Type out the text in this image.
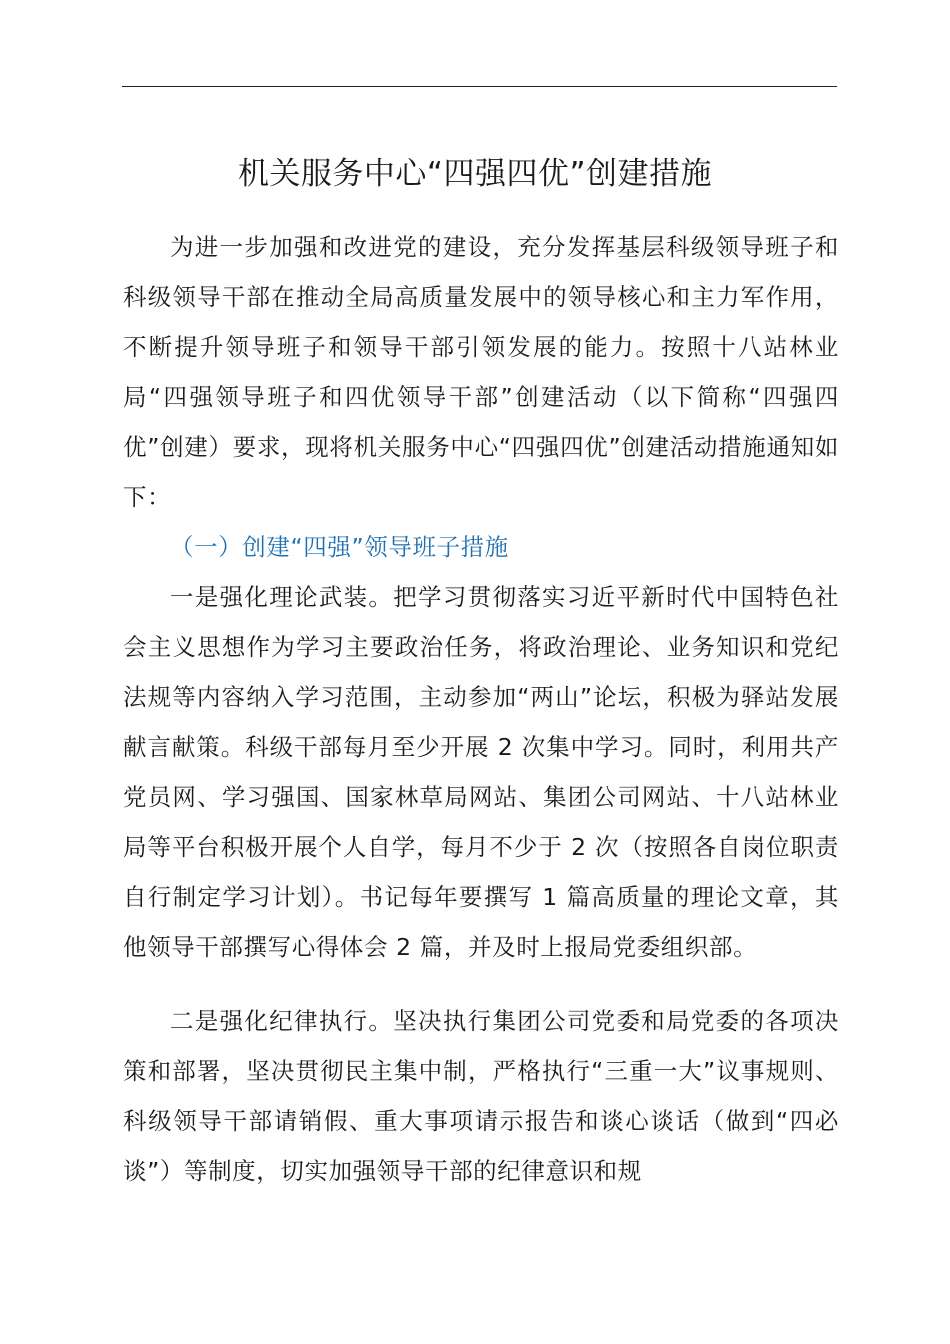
机关服务中心“四强四优”创建措施

为进一步加强和改进党的建设，充分发挥基层科级领导班子和科级领导干部在推动全局高质量发展中的领导核心和主力军作用，不断提升领导班子和领导干部引领发展的能力。按照十八站林业局“四强领导班子和四优领导干部”创建活动（以下简称“四强四优”创建）要求，现将机关服务中心“四强四优”创建活动措施通知如下：

（一）创建“四强”领导班子措施

一是强化理论武装。把学习贯彻落实习近平新时代中国特色社会主义思想作为学习主要政治任务，将政治理论、业务知识和党纪法规等内容纳入学习范围，主动参加“两山”论坛，积极为驿站发展献言献策。科级干部每月至少开展 2 次集中学习。同时，利用共产党员网、学习强国、国家林草局网站、集团公司网站、十八站林业局等平台积极开展个人自学，每月不少于 2 次（按照各自岗位职责自行制定学习计划）。书记每年要撰写 1 篇高质量的理论文章，其他领导干部撰写心得体会 2 篇，并及时上报局党委组织部。

二是强化纪律执行。坚决执行集团公司党委和局党委的各项决策和部署，坚决贯彻民主集中制，严格执行“三重一大”议事规则、科级领导干部请销假、重大事项请示报告和谈心谈话（做到“四必谈”）等制度，切实加强领导干部的纪律意识和规
